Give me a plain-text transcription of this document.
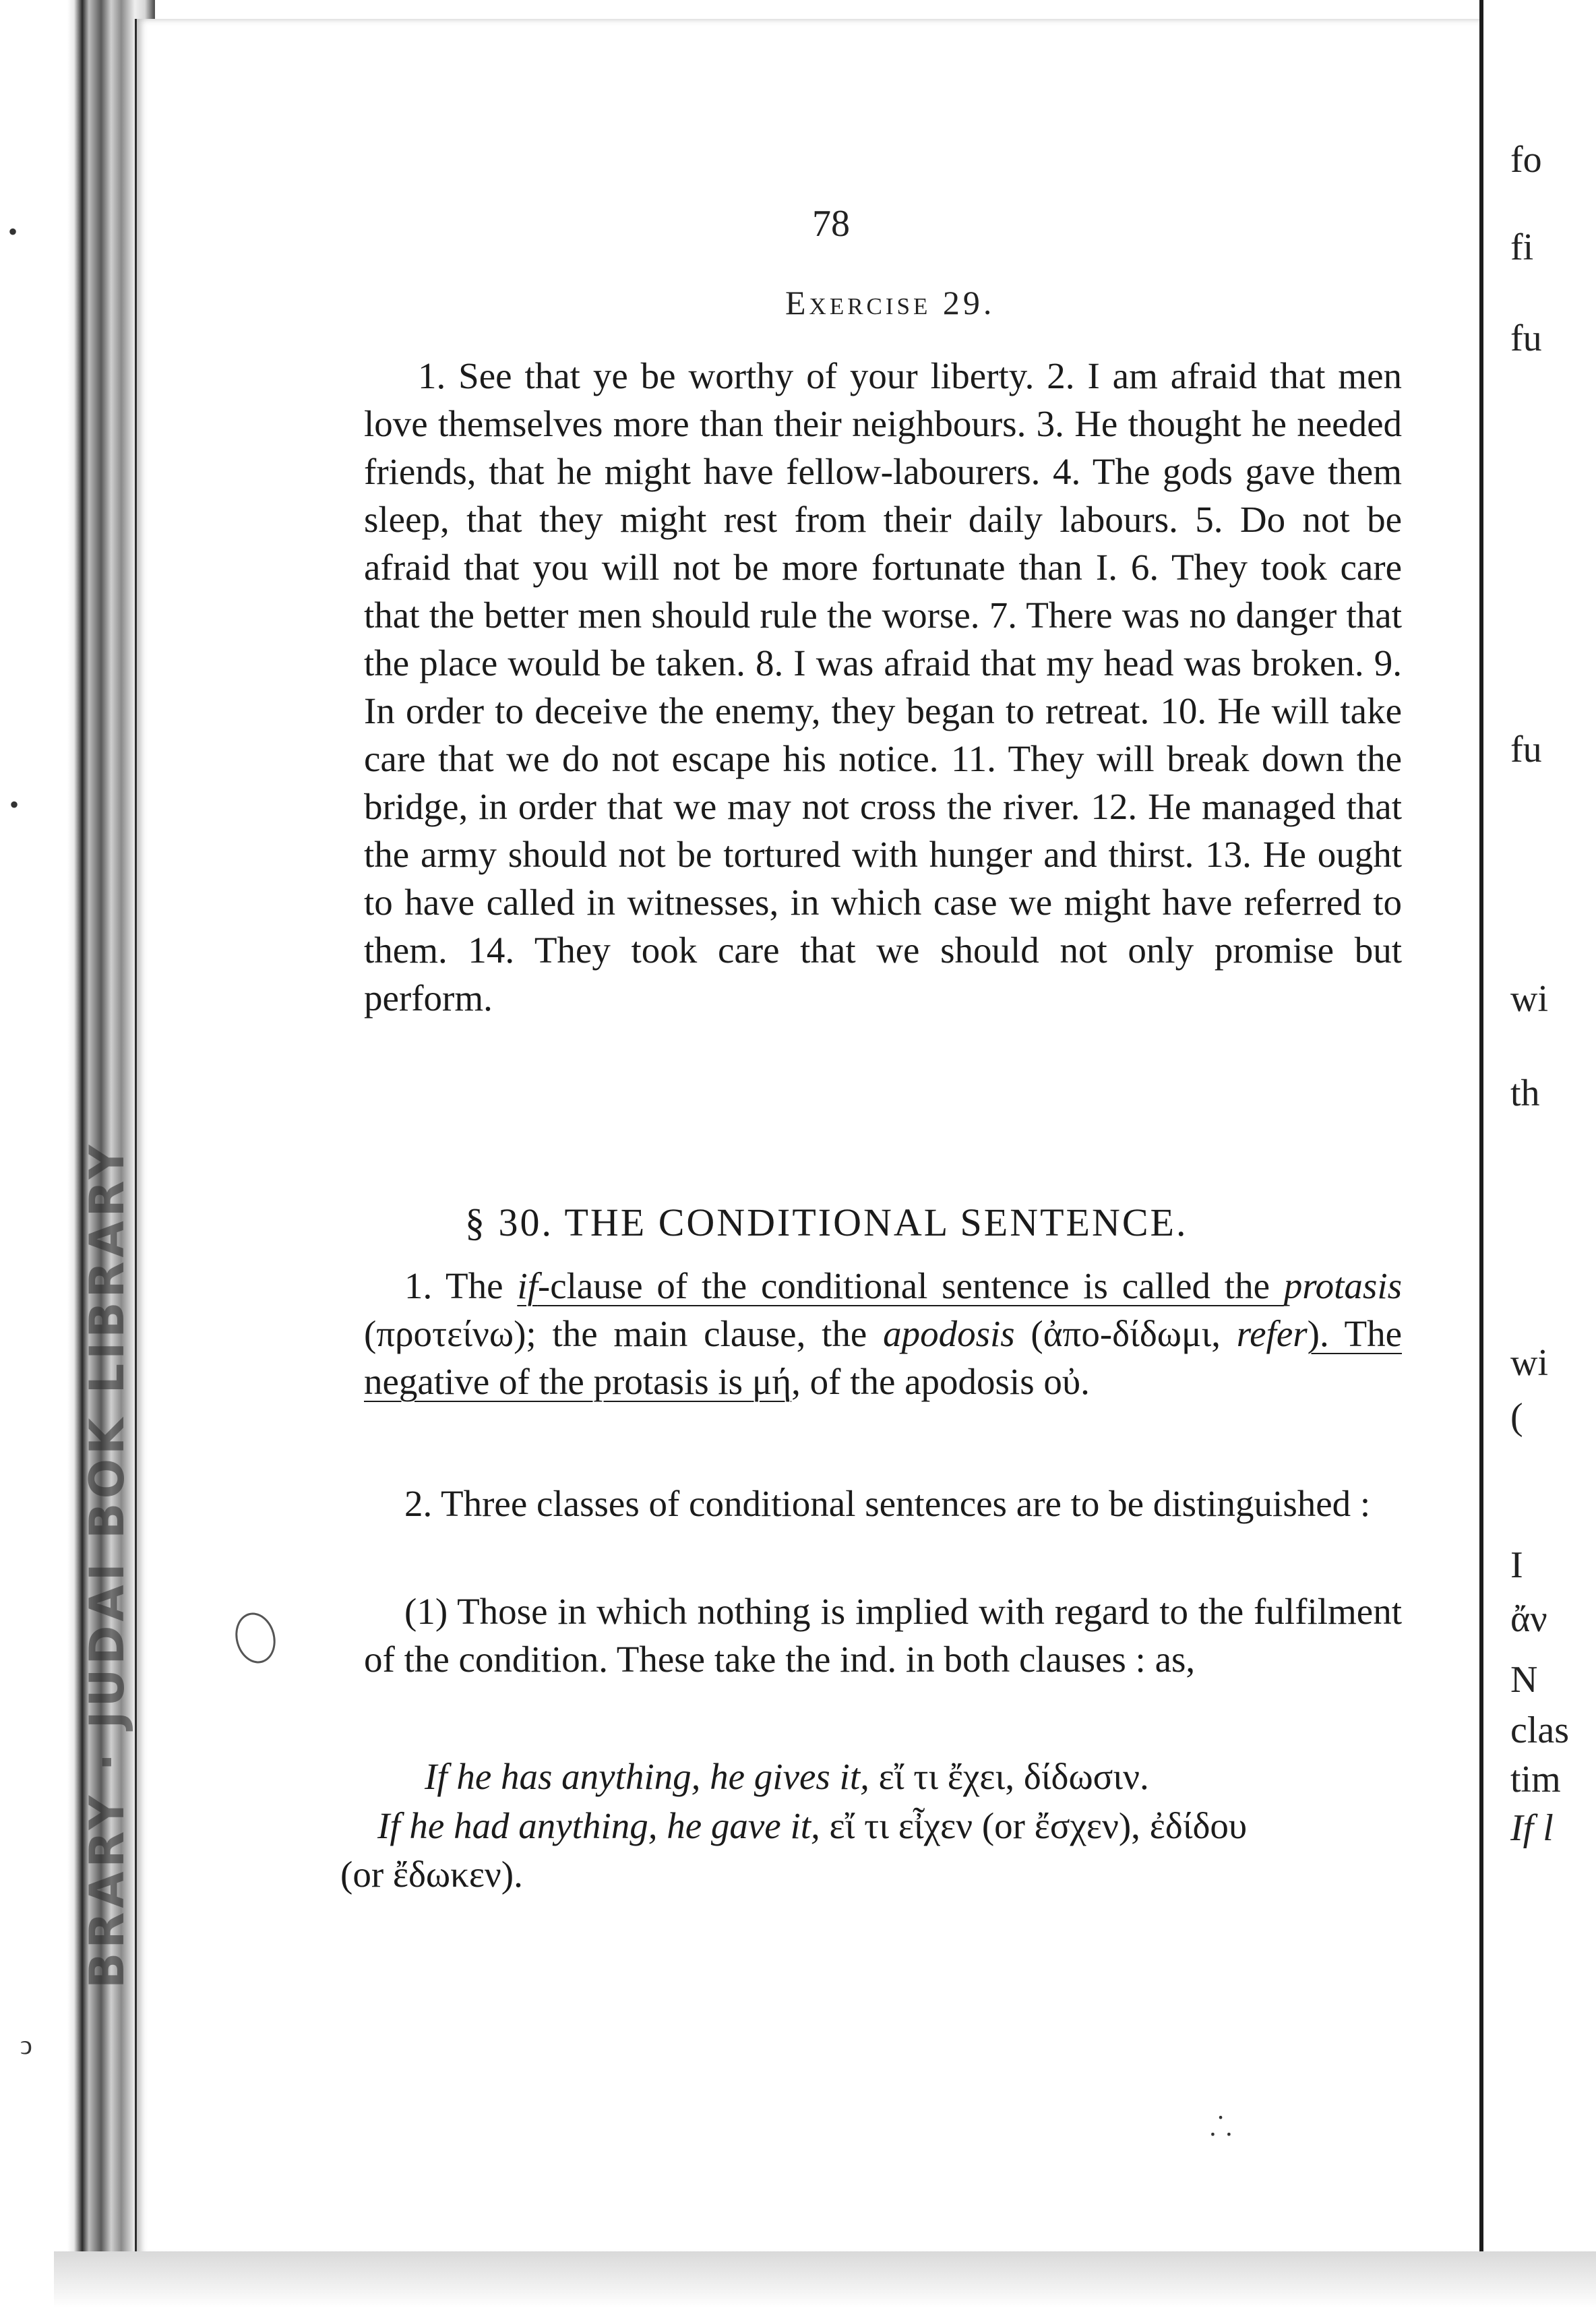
BRARY · JUDAI BOK LIBRARY
fo
fi
fu
fu
wi
th
wi
(
I
ἄν
N
clas
tim
If l
78
Exercise 29.
1. See that ye be worthy of your liberty. 2. I am afraid that men love themselves more than their neighbours. 3. He thought he needed friends, that he might have fellow-labourers. 4. The gods gave them sleep, that they might rest from their daily labours. 5. Do not be afraid that you will not be more fortunate than I. 6. They took care that the better men should rule the worse. 7. There was no danger that the place would be taken. 8. I was afraid that my head was broken. 9. In order to deceive the enemy, they began to retreat. 10. He will take care that we do not escape his notice. 11. They will break down the bridge, in order that we may not cross the river. 12. He managed that the army should not be tortured with hunger and thirst. 13. He ought to have called in witnesses, in which case we might have referred to them. 14. They took care that we should not only promise but perform.
§ 30. THE CONDITIONAL SENTENCE.
1. The if-clause of the conditional sentence is called the protasis (προτείνω); the main clause, the apodosis (ἀπο-δίδωμι, refer). The negative of the protasis is μή, of the apodosis οὐ.
2. Three classes of conditional sentences are to be distinguished :
(1) Those in which nothing is implied with regard to the fulfilment of the condition. These take the ind. in both clauses : as,
If he has anything, he gives it, εἴ τι ἔχει, δίδωσιν.
If he had anything, he gave it, εἴ τι εἶχεν (or ἔσχεν), ἐδίδου
(or ἔδωκεν).
⸫
•
•
ↄ
